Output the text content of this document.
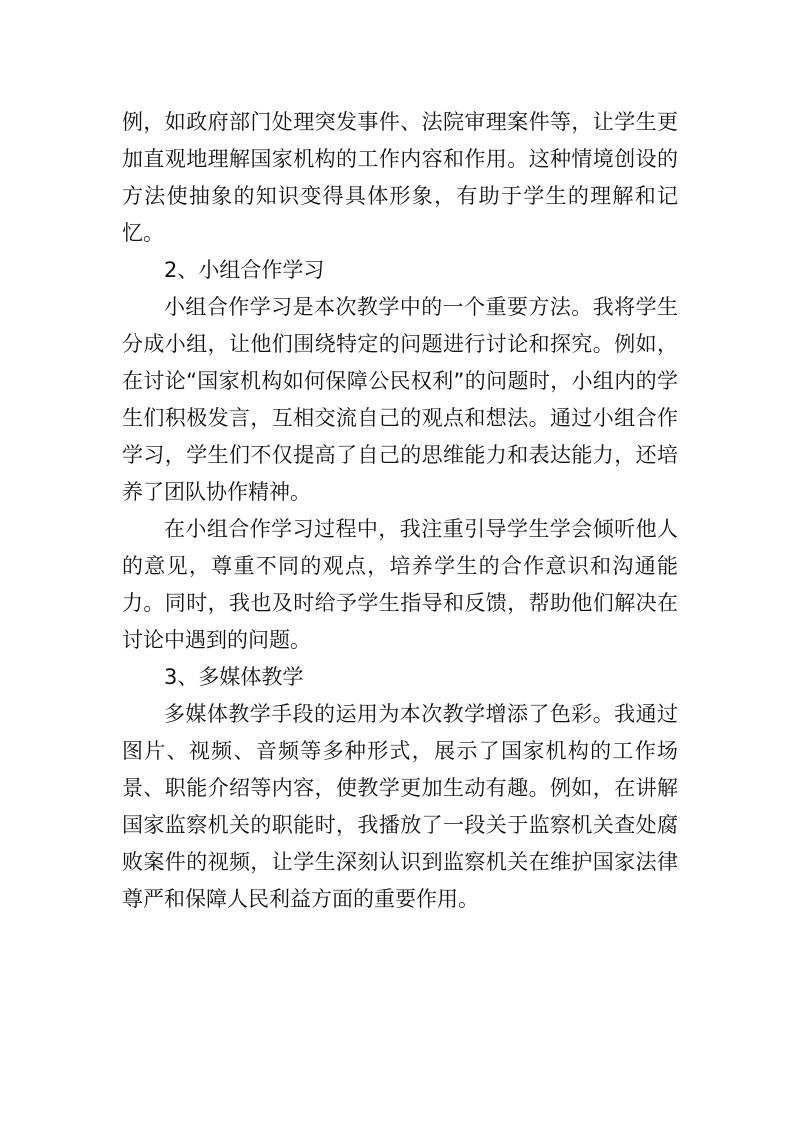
例，如政府部门处理突发事件、法院审理案件等，让学生更加直观地理解国家机构的工作内容和作用。这种情境创设的方法使抽象的知识变得具体形象，有助于学生的理解和记忆。

2、小组合作学习

小组合作学习是本次教学中的一个重要方法。我将学生分成小组，让他们围绕特定的问题进行讨论和探究。例如，在讨论“国家机构如何保障公民权利”的问题时，小组内的学生们积极发言，互相交流自己的观点和想法。通过小组合作学习，学生们不仅提高了自己的思维能力和表达能力，还培养了团队协作精神。

在小组合作学习过程中，我注重引导学生学会倾听他人的意见，尊重不同的观点，培养学生的合作意识和沟通能力。同时，我也及时给予学生指导和反馈，帮助他们解决在讨论中遇到的问题。

3、多媒体教学

多媒体教学手段的运用为本次教学增添了色彩。我通过图片、视频、音频等多种形式，展示了国家机构的工作场景、职能介绍等内容，使教学更加生动有趣。例如，在讲解国家监察机关的职能时，我播放了一段关于监察机关查处腐败案件的视频，让学生深刻认识到监察机关在维护国家法律尊严和保障人民利益方面的重要作用。
